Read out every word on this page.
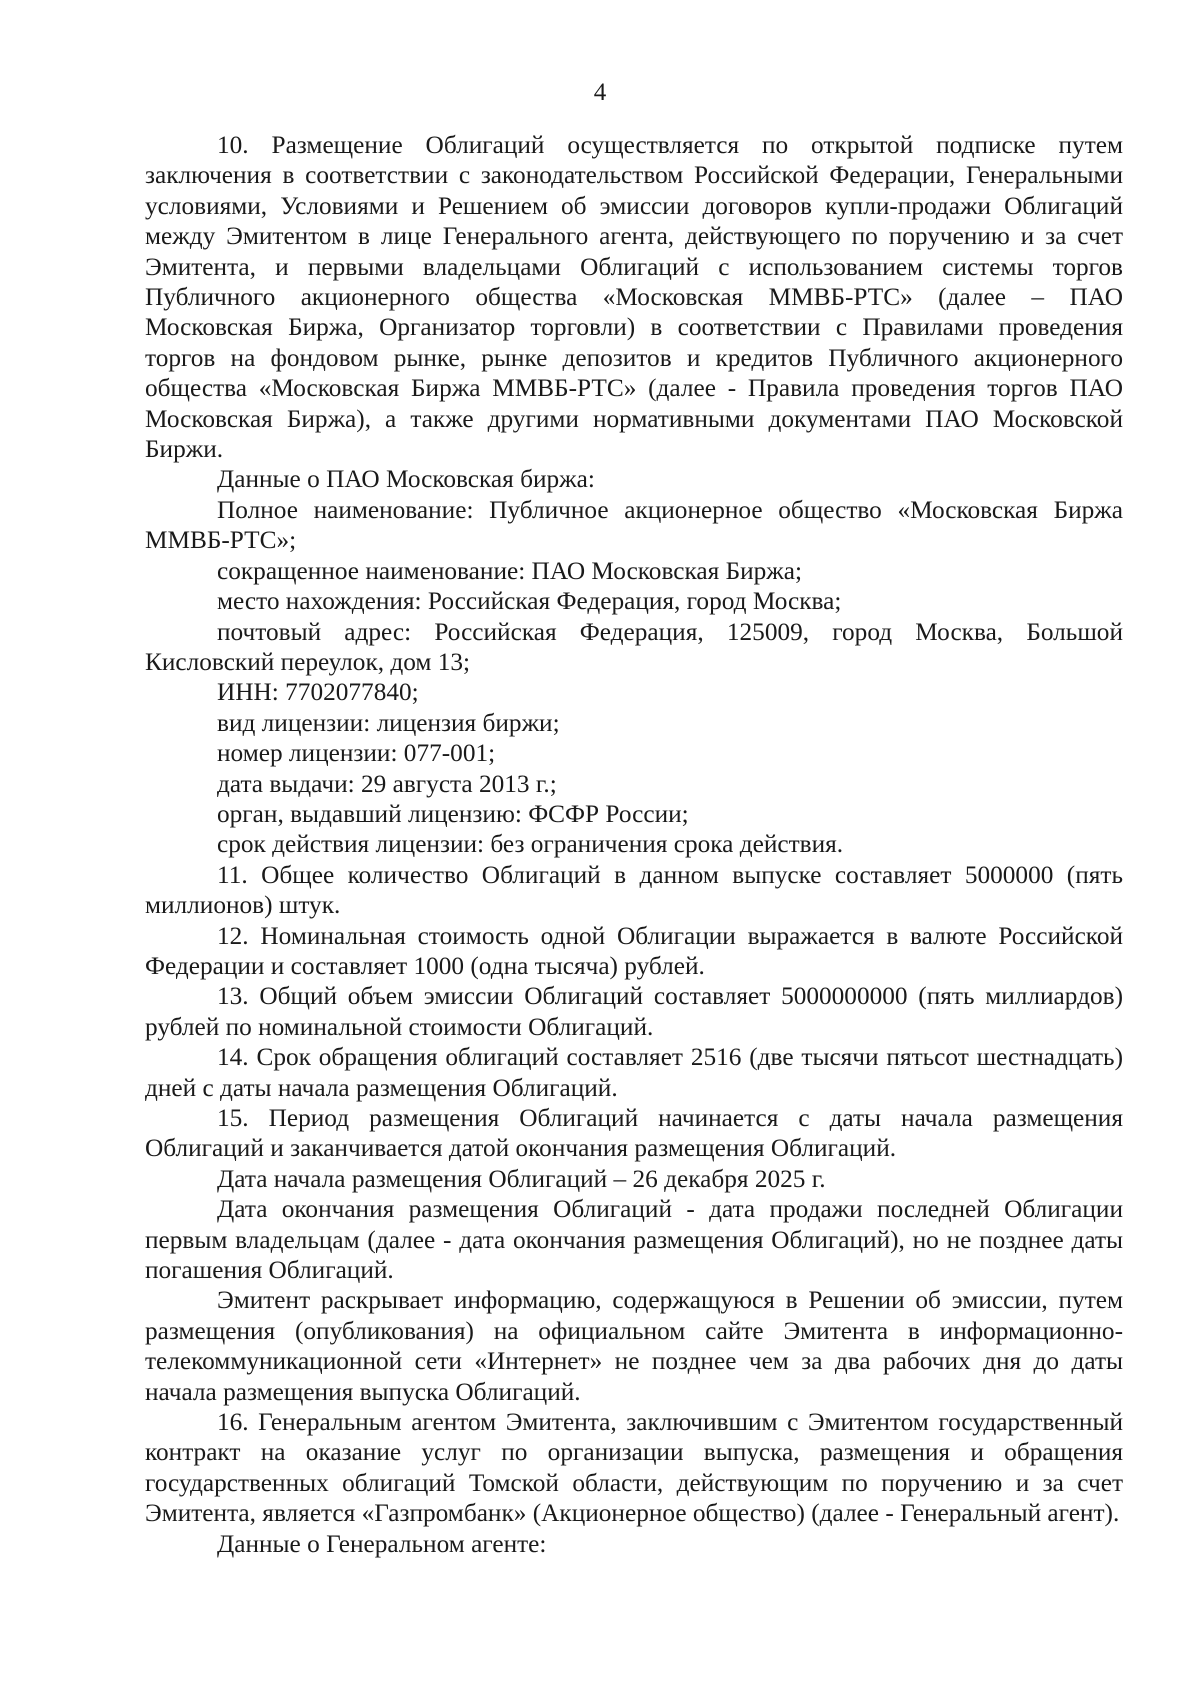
4

10. Размещение Облигаций осуществляется по открытой подписке путем заключения в соответствии с законодательством Российской Федерации, Генеральными условиями, Условиями и Решением об эмиссии договоров купли-продажи Облигаций между Эмитентом в лице Генерального агента, действующего по поручению и за счет Эмитента, и первыми владельцами Облигаций с использованием системы торгов Публичного акционерного общества «Московская ММВБ-РТС» (далее – ПАО Московская Биржа, Организатор торговли) в соответствии с Правилами проведения торгов на фондовом рынке, рынке депозитов и кредитов Публичного акционерного общества «Московская Биржа ММВБ-РТС» (далее - Правила проведения торгов ПАО Московская Биржа), а также другими нормативными документами ПАО Московской Биржи.

Данные о ПАО Московская биржа:

Полное наименование: Публичное акционерное общество «Московская Биржа ММВБ-РТС»;

сокращенное наименование: ПАО Московская Биржа;

место нахождения: Российская Федерация, город Москва;

почтовый адрес: Российская Федерация, 125009, город Москва, Большой Кисловский переулок, дом 13;

ИНН: 7702077840;

вид лицензии: лицензия биржи;

номер лицензии: 077-001;

дата выдачи: 29 августа 2013 г.;

орган, выдавший лицензию: ФСФР России;

срок действия лицензии: без ограничения срока действия.

11. Общее количество Облигаций в данном выпуске составляет 5000000 (пять миллионов) штук.

12. Номинальная стоимость одной Облигации выражается в валюте Российской Федерации и составляет 1000 (одна тысяча) рублей.

13. Общий объем эмиссии Облигаций составляет 5000000000 (пять миллиардов) рублей по номинальной стоимости Облигаций.

14. Срок обращения облигаций составляет 2516 (две тысячи пятьсот шестнадцать) дней с даты начала размещения Облигаций.

15. Период размещения Облигаций начинается с даты начала размещения Облигаций и заканчивается датой окончания размещения Облигаций.

Дата начала размещения Облигаций – 26 декабря 2025 г.

Дата окончания размещения Облигаций - дата продажи последней Облигации первым владельцам (далее - дата окончания размещения Облигаций), но не позднее даты погашения Облигаций.

Эмитент раскрывает информацию, содержащуюся в Решении об эмиссии, путем размещения (опубликования) на официальном сайте Эмитента в информационно-телекоммуникационной сети «Интернет» не позднее чем за два рабочих дня до даты начала размещения выпуска Облигаций.

16. Генеральным агентом Эмитента, заключившим с Эмитентом государственный контракт на оказание услуг по организации выпуска, размещения и обращения государственных облигаций Томской области, действующим по поручению и за счет Эмитента, является «Газпромбанк» (Акционерное общество) (далее - Генеральный агент).

Данные о Генеральном агенте:
